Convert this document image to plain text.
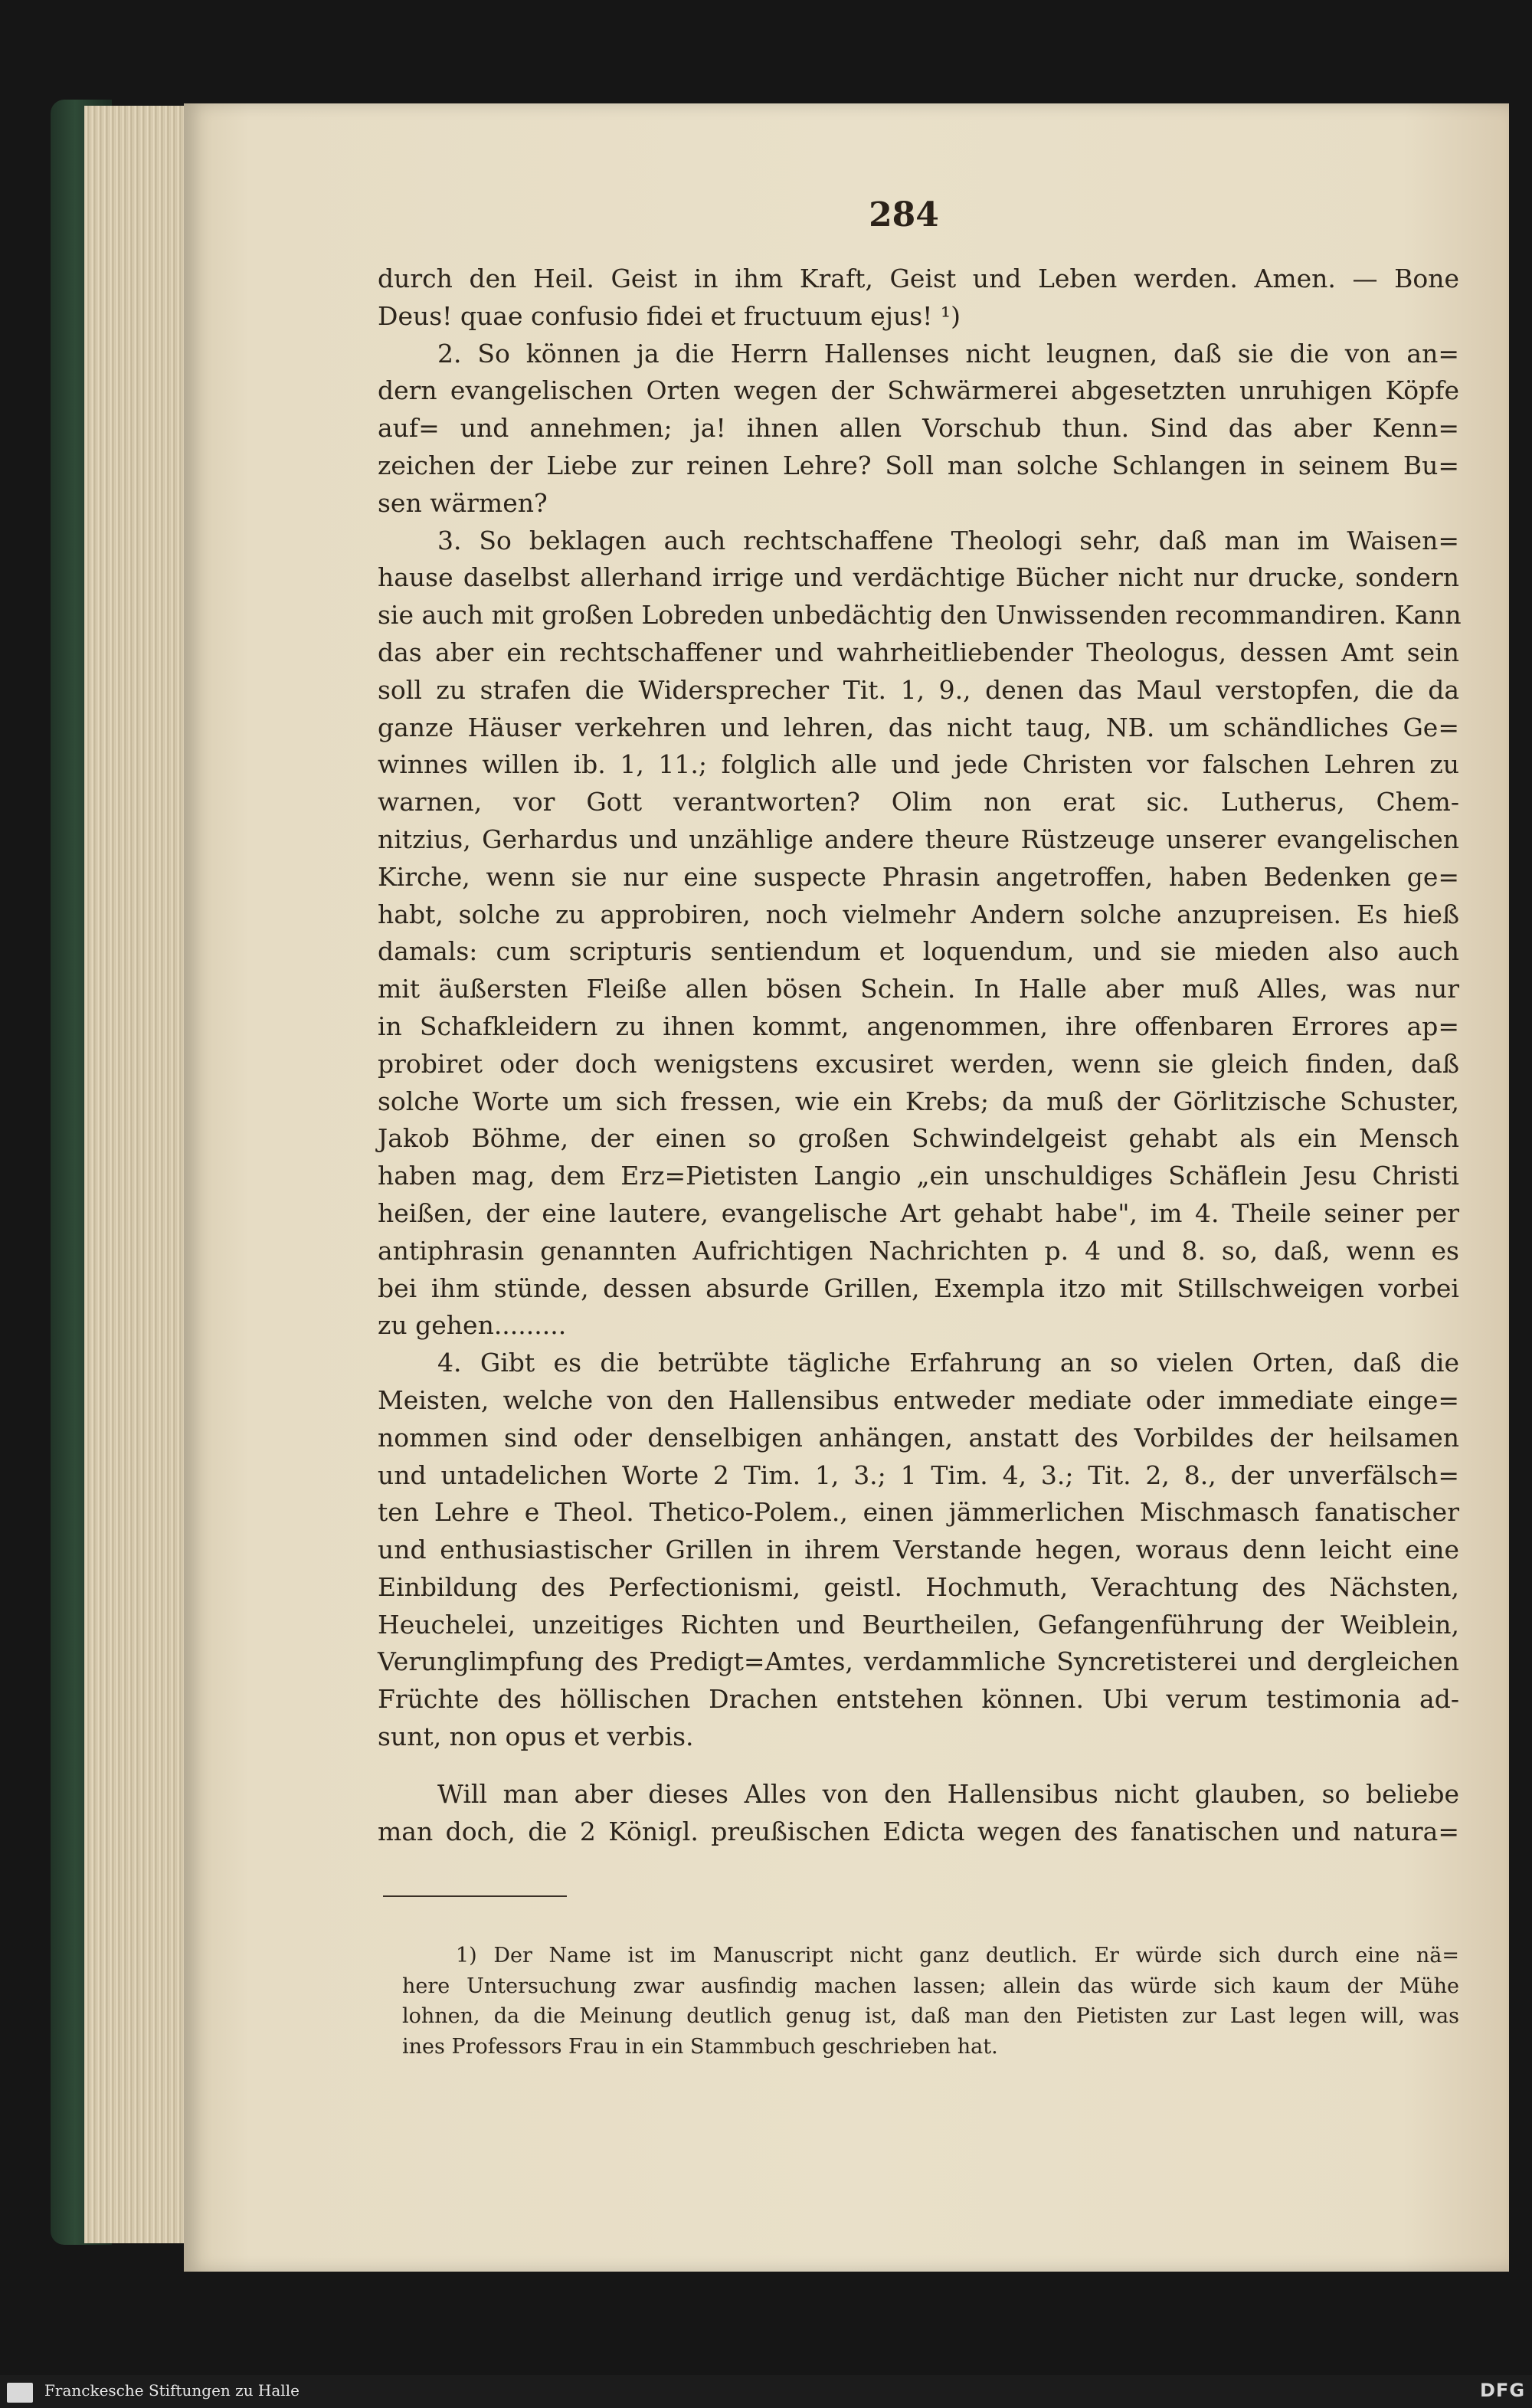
284
durch den Heil. Geist in ihm Kraft, Geist und Leben werden. Amen. — Bone
Deus! quae confusio fidei et fructuum ejus! ¹)
2. So können ja die Herrn Hallenses nicht leugnen, daß sie die von an=
dern evangelischen Orten wegen der Schwärmerei abgesetzten unruhigen Köpfe
auf= und annehmen; ja! ihnen allen Vorschub thun. Sind das aber Kenn=
zeichen der Liebe zur reinen Lehre? Soll man solche Schlangen in seinem Bu=
sen wärmen?
3. So beklagen auch rechtschaffene Theologi sehr, daß man im Waisen=
hause daselbst allerhand irrige und verdächtige Bücher nicht nur drucke, sondern
sie auch mit großen Lobreden unbedächtig den Unwissenden recommandiren. Kann
das aber ein rechtschaffener und wahrheitliebender Theologus, dessen Amt sein
soll zu strafen die Widersprecher Tit. 1, 9., denen das Maul verstopfen, die da
ganze Häuser verkehren und lehren, das nicht taug, NB. um schändliches Ge=
winnes willen ib. 1, 11.; folglich alle und jede Christen vor falschen Lehren zu
warnen, vor Gott verantworten? Olim non erat sic. Lutherus, Chem-
nitzius, Gerhardus und unzählige andere theure Rüstzeuge unserer evangelischen
Kirche, wenn sie nur eine suspecte Phrasin angetroffen, haben Bedenken ge=
habt, solche zu approbiren, noch vielmehr Andern solche anzupreisen. Es hieß
damals: cum scripturis sentiendum et loquendum, und sie mieden also auch
mit äußersten Fleiße allen bösen Schein. In Halle aber muß Alles, was nur
in Schafkleidern zu ihnen kommt, angenommen, ihre offenbaren Errores ap=
probiret oder doch wenigstens excusiret werden, wenn sie gleich finden, daß
solche Worte um sich fressen, wie ein Krebs; da muß der Görlitzische Schuster,
Jakob Böhme, der einen so großen Schwindelgeist gehabt als ein Mensch
haben mag, dem Erz=Pietisten Langio „ein unschuldiges Schäflein Jesu Christi
heißen, der eine lautere, evangelische Art gehabt habe", im 4. Theile seiner per
antiphrasin genannten Aufrichtigen Nachrichten p. 4 und 8. so, daß, wenn es
bei ihm stünde, dessen absurde Grillen, Exempla itzo mit Stillschweigen vorbei
zu gehen.........
4. Gibt es die betrübte tägliche Erfahrung an so vielen Orten, daß die
Meisten, welche von den Hallensibus entweder mediate oder immediate einge=
nommen sind oder denselbigen anhängen, anstatt des Vorbildes der heilsamen
und untadelichen Worte 2 Tim. 1, 3.; 1 Tim. 4, 3.; Tit. 2, 8., der unverfälsch=
ten Lehre e Theol. Thetico-Polem., einen jämmerlichen Mischmasch fanatischer
und enthusiastischer Grillen in ihrem Verstande hegen, woraus denn leicht eine
Einbildung des Perfectionismi, geistl. Hochmuth, Verachtung des Nächsten,
Heuchelei, unzeitiges Richten und Beurtheilen, Gefangenführung der Weiblein,
Verunglimpfung des Predigt=Amtes, verdammliche Syncretisterei und dergleichen
Früchte des höllischen Drachen entstehen können. Ubi verum testimonia ad-
sunt, non opus et verbis.
Will man aber dieses Alles von den Hallensibus nicht glauben, so beliebe
man doch, die 2 Königl. preußischen Edicta wegen des fanatischen und natura=
1) Der Name ist im Manuscript nicht ganz deutlich. Er würde sich durch eine nä=
here Untersuchung zwar ausfindig machen lassen; allein das würde sich kaum der Mühe
lohnen, da die Meinung deutlich genug ist, daß man den Pietisten zur Last legen will, was
ines Professors Frau in ein Stammbuch geschrieben hat.
Franckesche Stiftungen zu Halle	DFG
